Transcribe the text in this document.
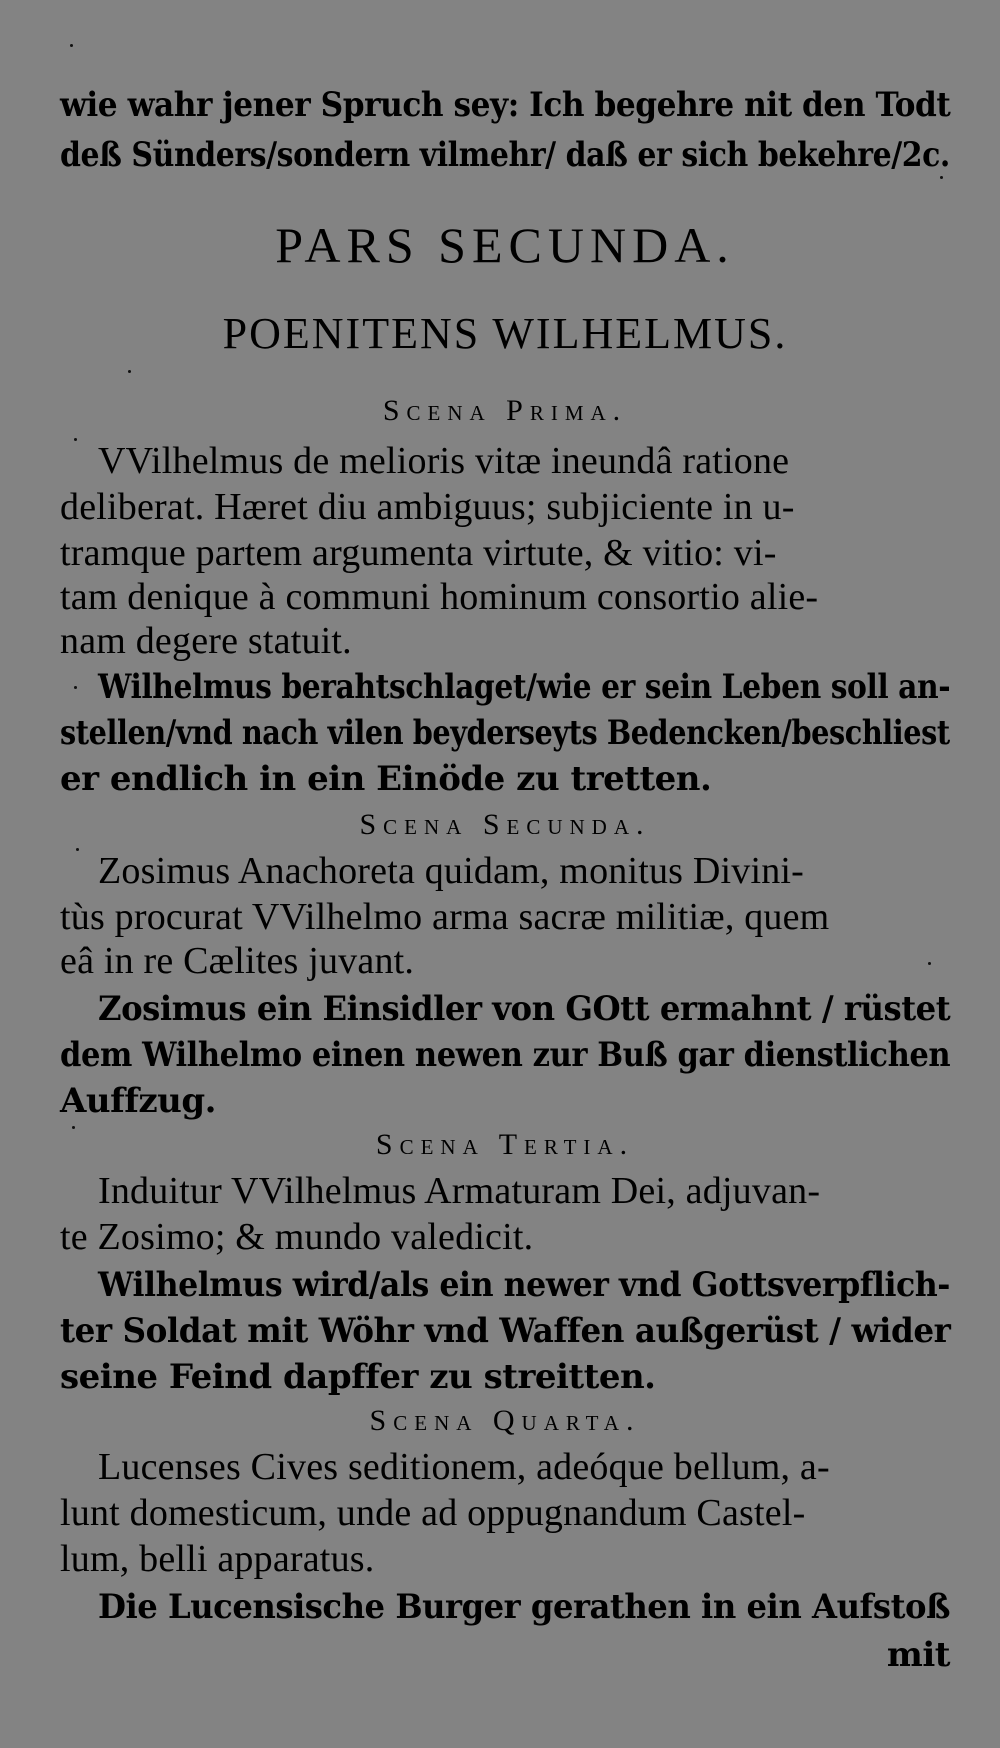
wie wahr jener Spruch sey: Ich begehre nit den Todt
deß Sünders/sondern vilmehr/ daß er sich bekehre/2c.
PARS SECUNDA.
POENITENS WILHELMUS.
Scena Prima.
VVilhelmus de melioris vitæ ineundâ ratione
deliberat. Hæret diu ambiguus; subjiciente in u-
tramque partem argumenta virtute, & vitio: vi-
tam denique à communi hominum consortio alie-
nam degere statuit.
Wilhelmus berahtschlaget/wie er sein Leben soll an-
stellen/vnd nach vilen beyderseyts Bedencken/beschliest
er endlich in ein Einöde zu tretten.
Scena Secunda.
Zosimus Anachoreta quidam, monitus Divini-
tùs procurat VVilhelmo arma sacræ militiæ, quem
eâ in re Cælites juvant.
Zosimus ein Einsidler von GOtt ermahnt / rüstet
dem Wilhelmo einen newen zur Buß gar dienstlichen
Auffzug.
Scena Tertia.
Induitur VVilhelmus Armaturam Dei, adjuvan-
te Zosimo; & mundo valedicit.
Wilhelmus wird/als ein newer vnd Gottsverpflich-
ter Soldat mit Wöhr vnd Waffen außgerüst / wider
seine Feind dapffer zu streitten.
Scena Quarta.
Lucenses Cives seditionem, adeóque bellum, a-
lunt domesticum, unde ad oppugnandum Castel-
lum, belli apparatus.
Die Lucensische Burger gerathen in ein Aufstoß
mit
